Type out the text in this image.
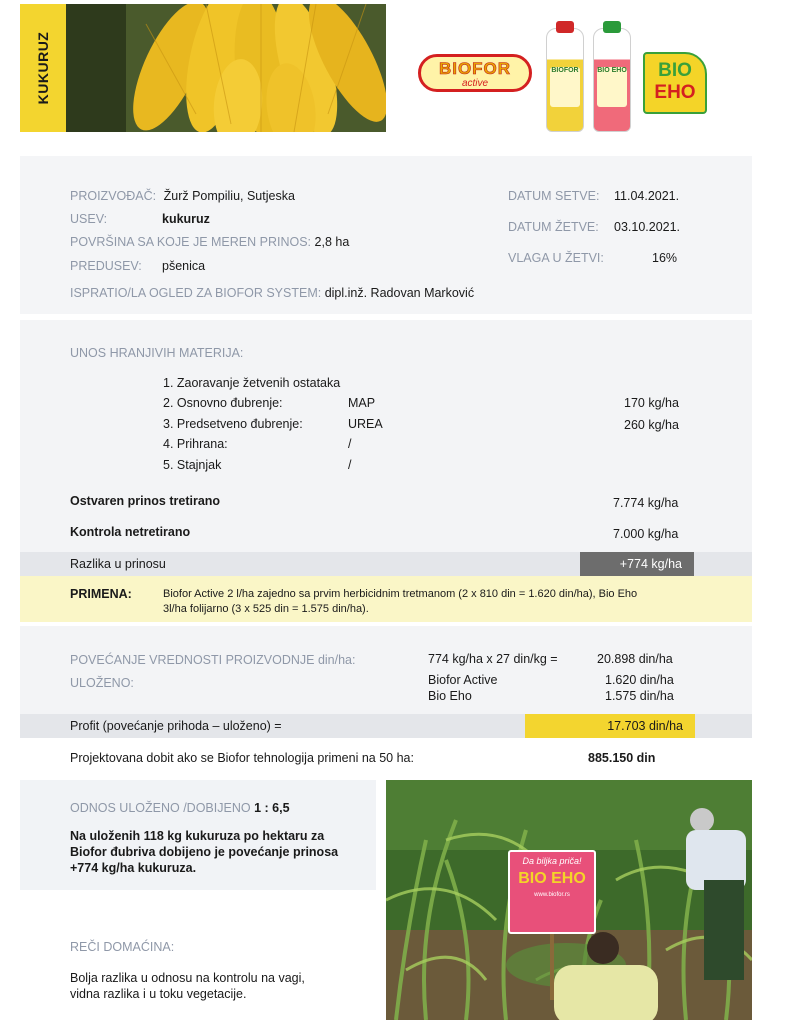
KUKURUZ	BIOFOR
active
BIOFOR	BIO EHO	BIO
EHO
PROIZVOĐAČ: Žurž Pompiliu, Sutjeska
USEV:	kukuruz
POVRŠINA SA KOJE JE MEREN PRINOS: 2,8 ha
PREDUSEV: pšenica
ISPRATIO/LA OGLED ZA BIOFOR SYSTEM: dipl.inž. Radovan Marković
DATUM SETVE: 11.04.2021.
DATUM ŽETVE: 03.10.2021.
VLAGA U ŽETVI:	16%
UNOS HRANJIVIH MATERIJA:
1. Zaoravanje žetvenih ostataka
2. Osnovno đubrenje:	MAP	170 kg/ha
3. Predsetveno đubrenje:	UREA	260 kg/ha
4. Prihrana:	/
5. Stajnjak	/
Ostvaren prinos tretirano	7.774 kg/ha
Kontrola netretirano	7.000 kg/ha
Razlika u prinosu	+774 kg/ha
PRIMENA:	Biofor Active 2 l/ha zajedno sa prvim herbicidnim tretmanom (2 x 810 din = 1.620 din/ha), Bio Eho
3l/ha folijarno (3 x 525 din = 1.575 din/ha).
POVEĆANJE VREDNOSTI PROIZVODNJE din/ha:	774 kg/ha x 27 din/kg =	20.898 din/ha
ULOŽENO:	Biofor Active	1.620 din/ha
Bio Eho	1.575 din/ha
Profit (povećanje prihoda – uloženo) =	17.703 din/ha
Projektovana dobit ako se Biofor tehnologija primeni na 50 ha:	885.150 din
ODNOS ULOŽENO /DOBIJENO 1 : 6,5
Na uloženih 118 kg kukuruza po hektaru za
Biofor đubriva dobijeno je povećanje prinosa
+774 kg/ha kukuruza.
REČI DOMAĆINA:
Bolja razlika u odnosu na kontrolu na vagi,
vidna razlika i u toku vegetacije.
Da biljka priča!
BIO EHO
www.biofor.rs
